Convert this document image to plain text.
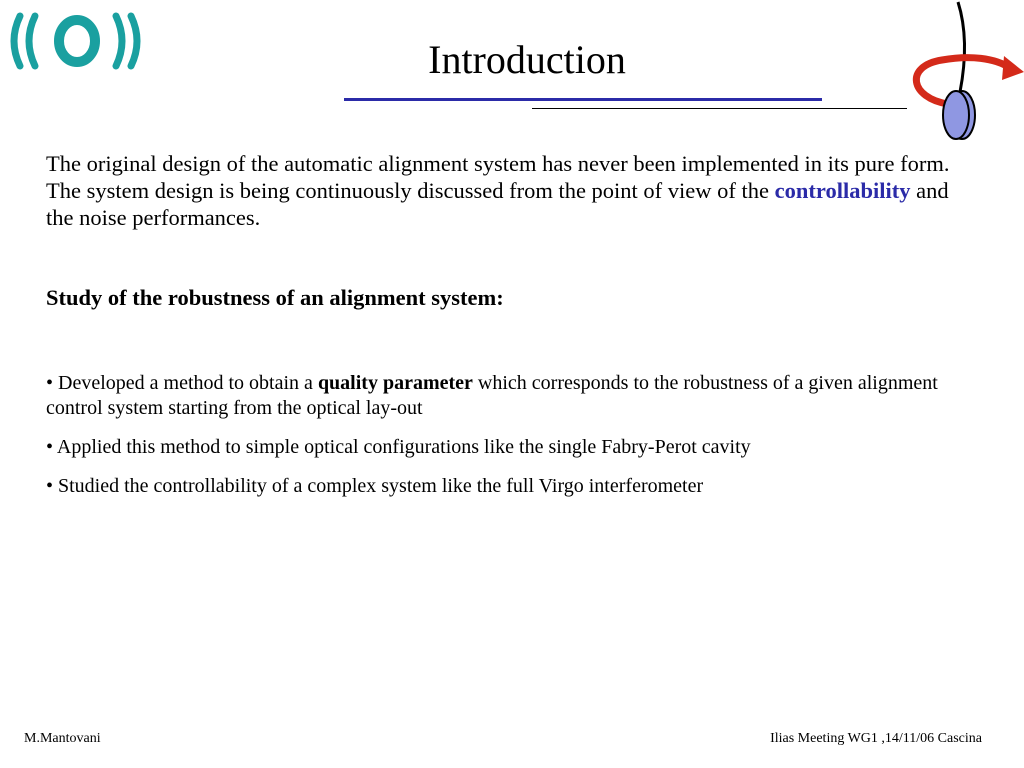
Introduction

The original design of the automatic alignment system has never been implemented in its pure form. The system design is being continuously discussed from the point of view of the controllability and the noise performances.

Study of the robustness of an alignment system:

• Developed a method to obtain a quality parameter which corresponds to the robustness of a given alignment control system starting from the optical lay-out

• Applied this method to simple optical configurations like the single Fabry-Perot cavity

• Studied the controllability of a complex system like the full Virgo interferometer

M.Mantovani	Ilias Meeting WG1 ,14/11/06 Cascina
